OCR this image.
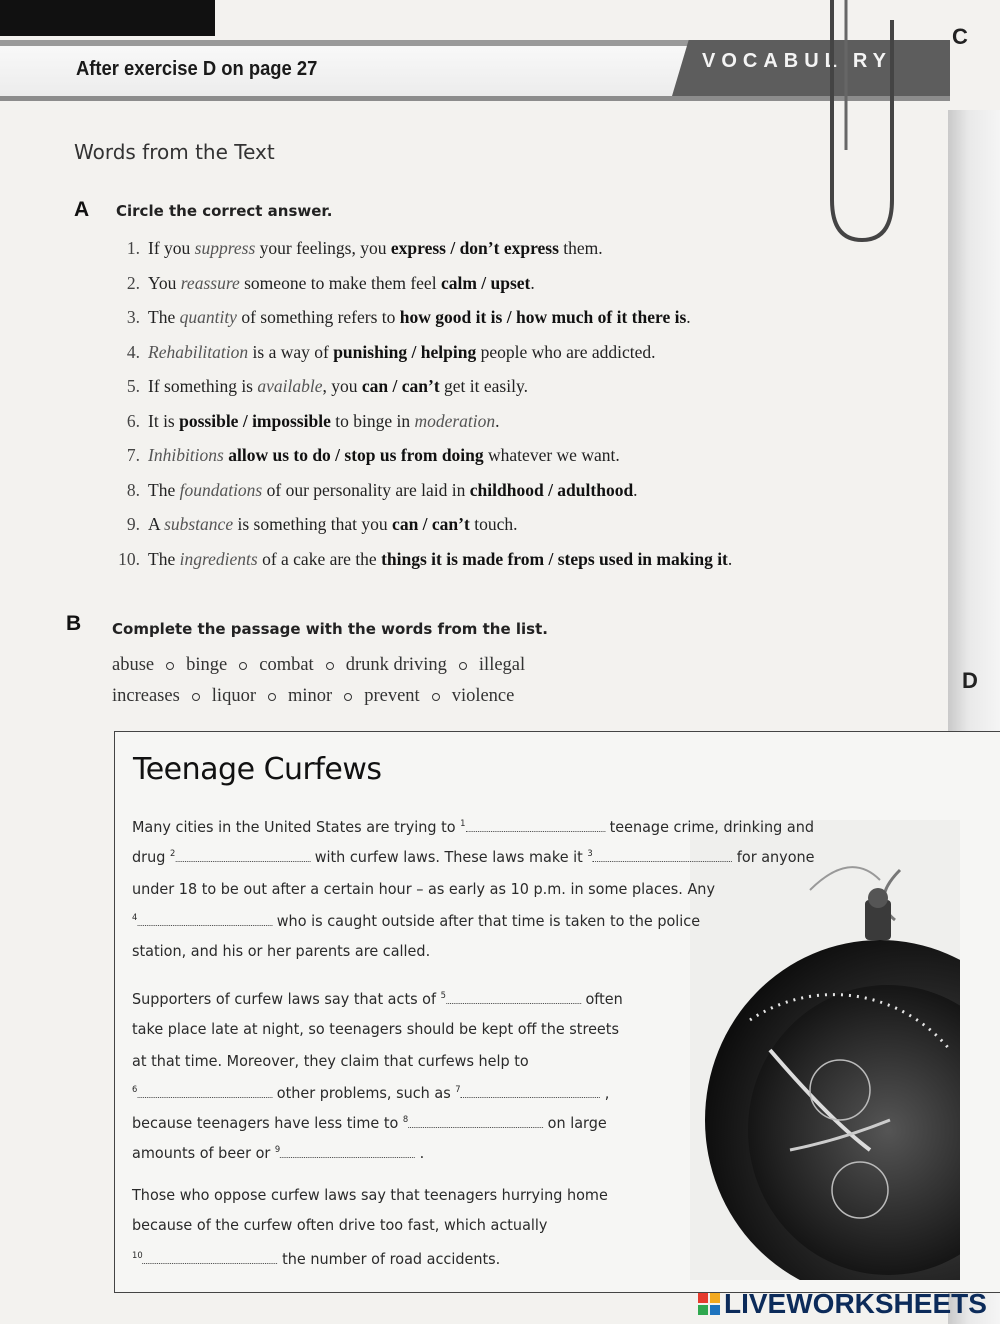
VOCABUL RY
After exercise D on page 27
C
D
Words from the Text
A Circle the correct answer.
1. If you suppress your feelings, you express / don’t express them.
2. You reassure someone to make them feel calm / upset.
3. The quantity of something refers to how good it is / how much of it there is.
4. Rehabilitation is a way of punishing / helping people who are addicted.
5. If something is available, you can / can’t get it easily.
6. It is possible / impossible to binge in moderation.
7. Inhibitions allow us to do / stop us from doing whatever we want.
8. The foundations of our personality are laid in childhood / adulthood.
9. A substance is something that you can / can’t touch.
10. The ingredients of a cake are the things it is made from / steps used in making it.
B Complete the passage with the words from the list.
abuse binge combat drunk driving illegal
increases liquor minor prevent violence
Teenage Curfews
Many cities in the United States are trying to $^1$	teenage crime, drinking and
drug $^2$	with curfew laws. These laws make it $^3$	for anyone
under 18 to be out after a certain hour – as early as 10 p.m. in some places. Any
$^4$	who is caught outside after that time is taken to the police
station, and his or her parents are called.
Supporters of curfew laws say that acts of $^5$	often
take place late at night, so teenagers should be kept off the streets
at that time. Moreover, they claim that curfews help to
$^6$	other problems, such as $^7$	,
because teenagers have less time to $^8$	on large
amounts of beer or $^9$	.
Those who oppose curfew laws say that teenagers hurrying home
because of the curfew often drive too fast, which actually
$^{10}$	the number of road accidents.
LIVEWORKSHEETS
